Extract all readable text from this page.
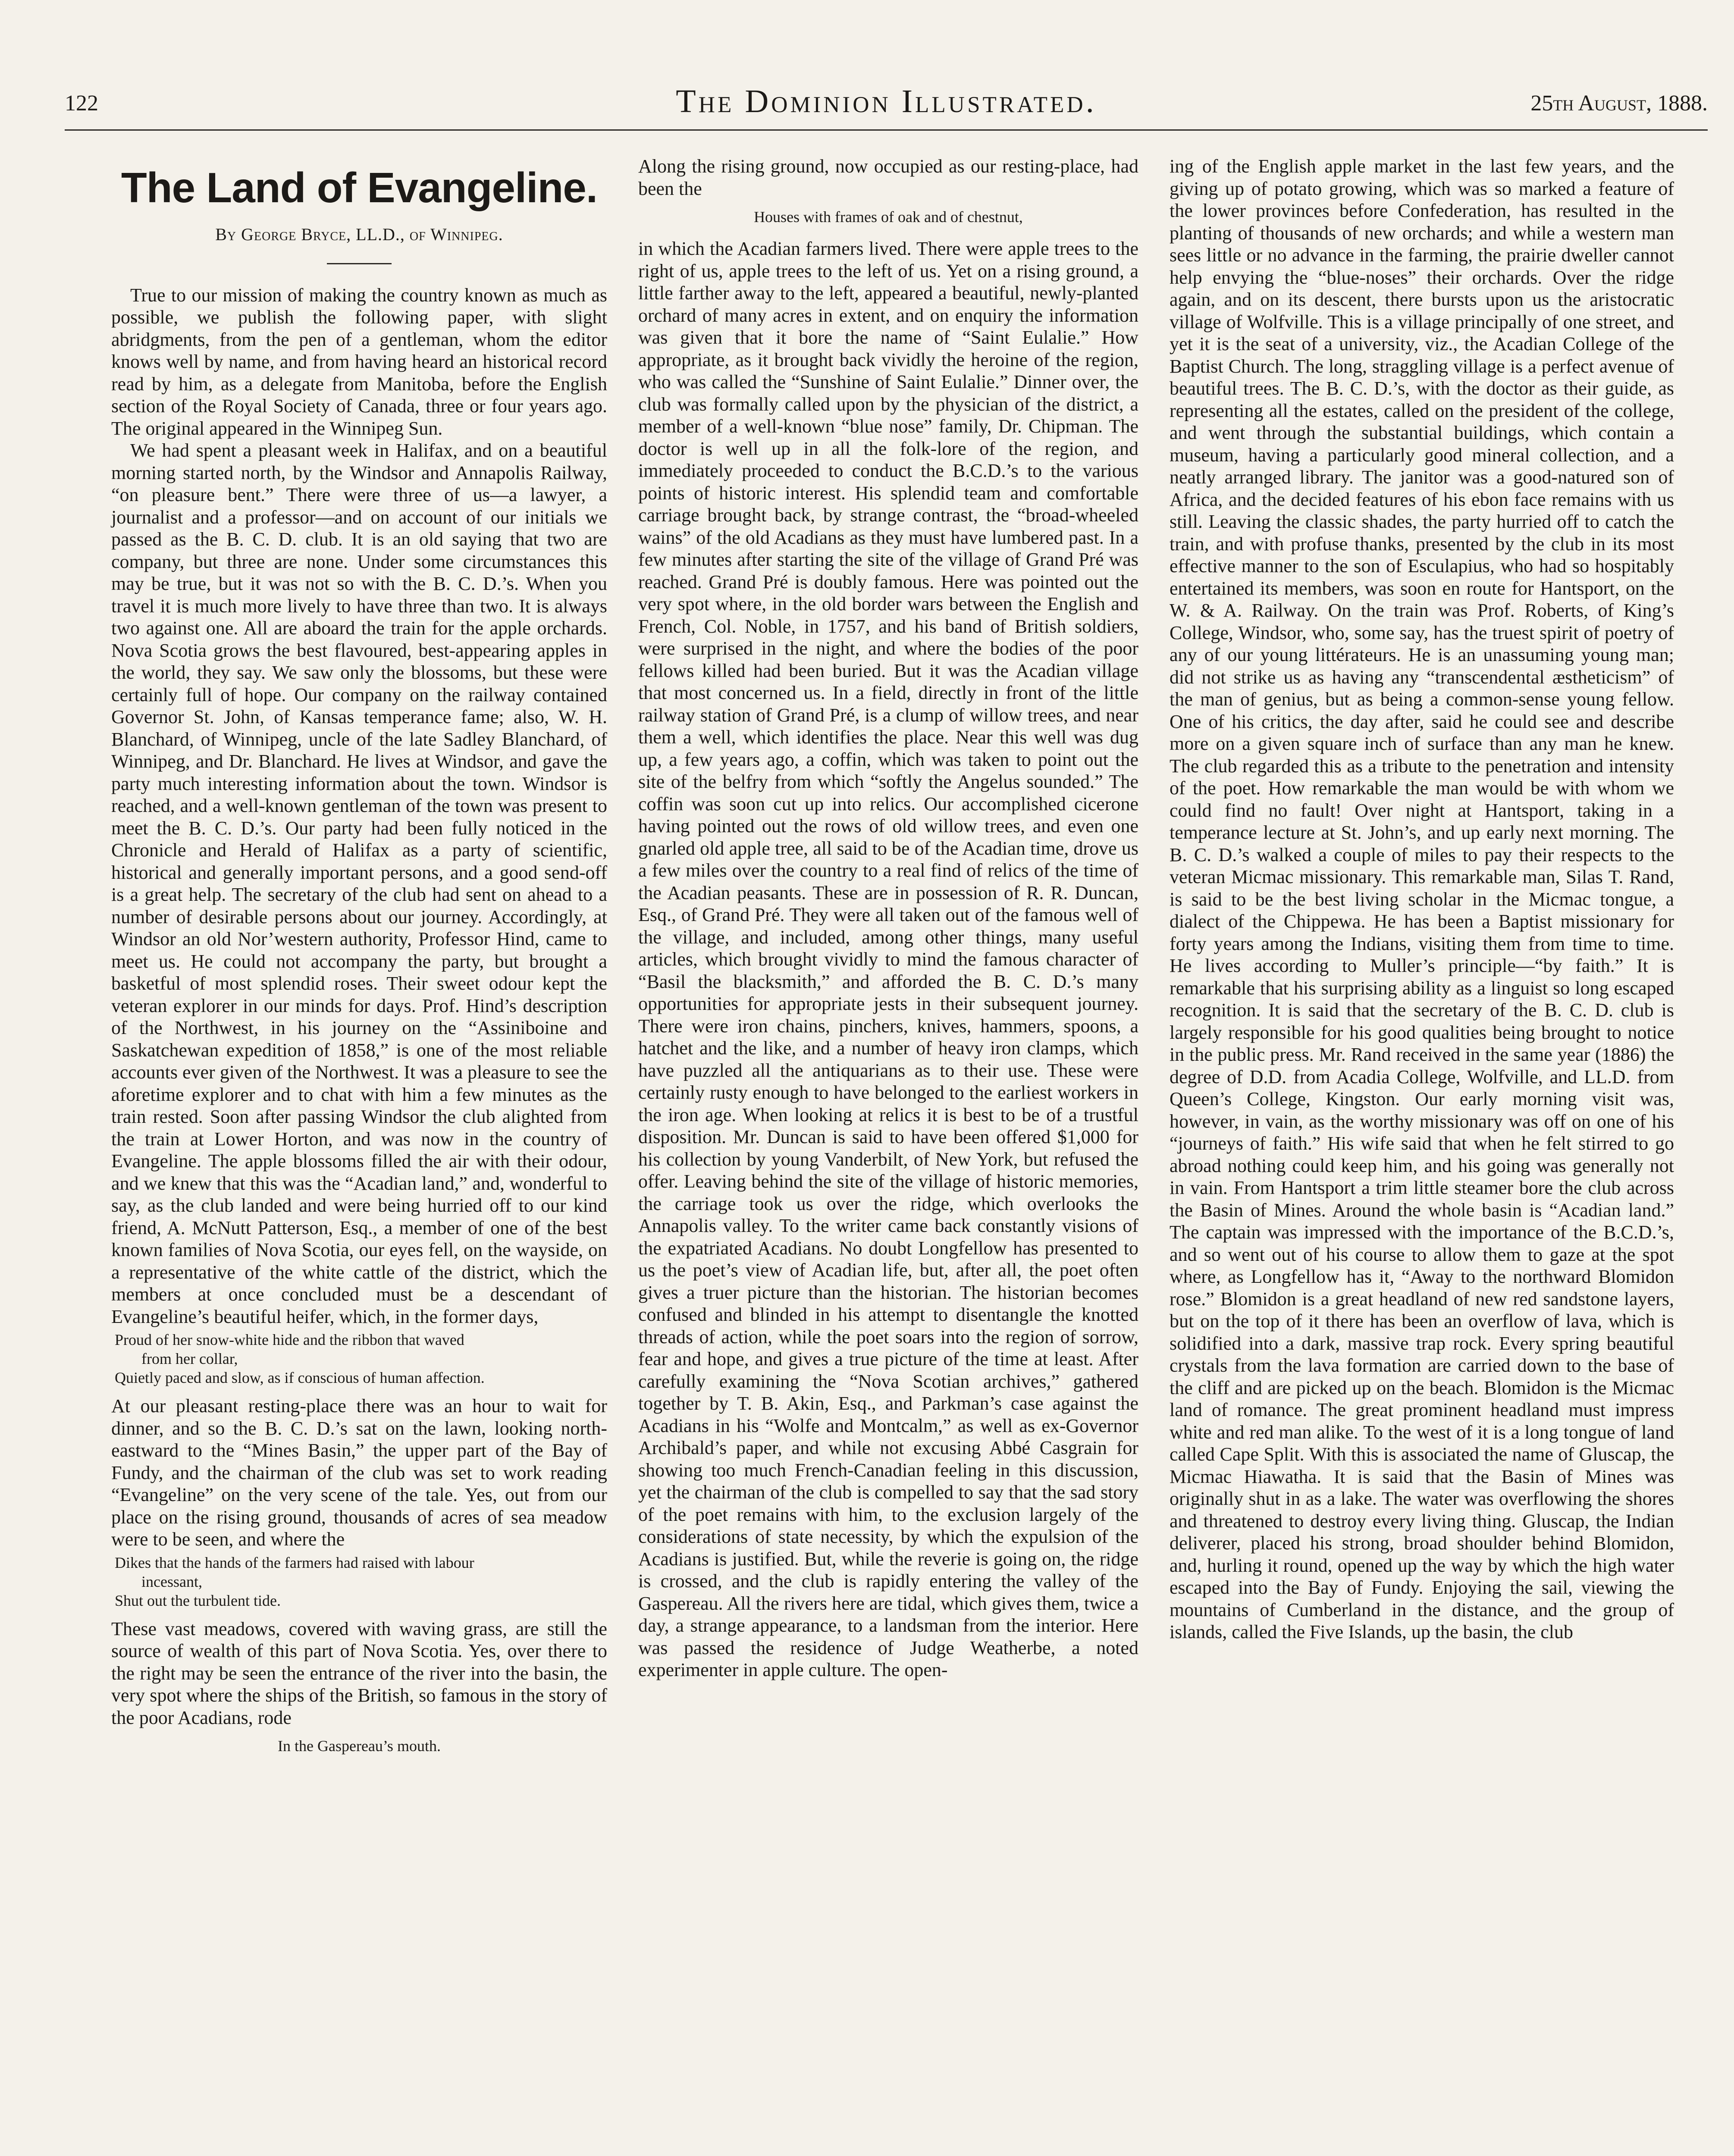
122	The Dominion Illustrated.	25th August, 1888.
The Land of Evangeline.
By George Bryce, LL.D., of Winnipeg.

True to our mission of making the country known as much as possible, we publish the following paper, with slight abridgments, from the pen of a gentleman, whom the editor knows well by name, and from having heard an historical record read by him, as a delegate from Manitoba, before the English section of the Royal Society of Canada, three or four years ago. The original appeared in the Winnipeg Sun.

We had spent a pleasant week in Halifax, and on a beautiful morning started north, by the Windsor and Annapolis Railway, “on pleasure bent.” There were three of us—a lawyer, a journalist and a professor—and on account of our initials we passed as the B. C. D. club. It is an old saying that two are company, but three are none. Under some circumstances this may be true, but it was not so with the B. C. D.’s. When you travel it is much more lively to have three than two. It is always two against one. All are aboard the train for the apple orchards. Nova Scotia grows the best flavoured, best-appearing apples in the world, they say. We saw only the blossoms, but these were certainly full of hope. Our company on the railway contained Governor St. John, of Kansas temperance fame; also, W. H. Blanchard, of Winnipeg, uncle of the late Sadley Blanchard, of Winnipeg, and Dr. Blanchard. He lives at Windsor, and gave the party much interesting information about the town. Windsor is reached, and a well-known gentleman of the town was present to meet the B. C. D.’s. Our party had been fully noticed in the Chronicle and Herald of Halifax as a party of scientific, historical and generally important persons, and a good send-off is a great help. The secretary of the club had sent on ahead to a number of desirable persons about our journey. Accordingly, at Windsor an old Nor’western authority, Professor Hind, came to meet us. He could not accompany the party, but brought a basketful of most splendid roses. Their sweet odour kept the veteran explorer in our minds for days. Prof. Hind’s description of the Northwest, in his journey on the “Assiniboine and Saskatchewan expedition of 1858,” is one of the most reliable accounts ever given of the Northwest. It was a pleasure to see the aforetime explorer and to chat with him a few minutes as the train rested. Soon after passing Windsor the club alighted from the train at Lower Horton, and was now in the country of Evangeline. The apple blossoms filled the air with their odour, and we knew that this was the “Acadian land,” and, wonderful to say, as the club landed and were being hurried off to our kind friend, A. McNutt Patterson, Esq., a member of one of the best known families of Nova Scotia, our eyes fell, on the wayside, on a representative of the white cattle of the district, which the members at once concluded must be a descendant of Evangeline’s beautiful heifer, which, in the former days,

Proud of her snow-white hide and the ribbon that waved
from her collar,
Quietly paced and slow, as if conscious of human affection.

At our pleasant resting-place there was an hour to wait for dinner, and so the B. C. D.’s sat on the lawn, looking north-eastward to the “Mines Basin,” the upper part of the Bay of Fundy, and the chairman of the club was set to work reading “Evangeline” on the very scene of the tale. Yes, out from our place on the rising ground, thousands of acres of sea meadow were to be seen, and where the

Dikes that the hands of the farmers had raised with labour
incessant,
Shut out the turbulent tide.

These vast meadows, covered with waving grass, are still the source of wealth of this part of Nova Scotia. Yes, over there to the right may be seen the entrance of the river into the basin, the very spot where the ships of the British, so famous in the story of the poor Acadians, rode

In the Gaspereau’s mouth.

Along the rising ground, now occupied as our resting-place, had been the

Houses with frames of oak and of chestnut,

in which the Acadian farmers lived. There were apple trees to the right of us, apple trees to the left of us. Yet on a rising ground, a little farther away to the left, appeared a beautiful, newly-planted orchard of many acres in extent, and on enquiry the information was given that it bore the name of “Saint Eulalie.” How appropriate, as it brought back vividly the heroine of the region, who was called the “Sunshine of Saint Eulalie.” Dinner over, the club was formally called upon by the physician of the district, a member of a well-known “blue nose” family, Dr. Chipman. The doctor is well up in all the folk-lore of the region, and immediately proceeded to conduct the B.C.D.’s to the various points of historic interest. His splendid team and comfortable carriage brought back, by strange contrast, the “broad-wheeled wains” of the old Acadians as they must have lumbered past. In a few minutes after starting the site of the village of Grand Pré was reached. Grand Pré is doubly famous. Here was pointed out the very spot where, in the old border wars between the English and French, Col. Noble, in 1757, and his band of British soldiers, were surprised in the night, and where the bodies of the poor fellows killed had been buried. But it was the Acadian village that most concerned us. In a field, directly in front of the little railway station of Grand Pré, is a clump of willow trees, and near them a well, which identifies the place. Near this well was dug up, a few years ago, a coffin, which was taken to point out the site of the belfry from which “softly the Angelus sounded.” The coffin was soon cut up into relics. Our accomplished cicerone having pointed out the rows of old willow trees, and even one gnarled old apple tree, all said to be of the Acadian time, drove us a few miles over the country to a real find of relics of the time of the Acadian peasants. These are in possession of R. R. Duncan, Esq., of Grand Pré. They were all taken out of the famous well of the village, and included, among other things, many useful articles, which brought vividly to mind the famous character of “Basil the blacksmith,” and afforded the B. C. D.’s many opportunities for appropriate jests in their subsequent journey. There were iron chains, pinchers, knives, hammers, spoons, a hatchet and the like, and a number of heavy iron clamps, which have puzzled all the antiquarians as to their use. These were certainly rusty enough to have belonged to the earliest workers in the iron age. When looking at relics it is best to be of a trustful disposition. Mr. Duncan is said to have been offered $1,000 for his collection by young Vanderbilt, of New York, but refused the offer. Leaving behind the site of the village of historic memories, the carriage took us over the ridge, which overlooks the Annapolis valley. To the writer came back constantly visions of the expatriated Acadians. No doubt Longfellow has presented to us the poet’s view of Acadian life, but, after all, the poet often gives a truer picture than the historian. The historian becomes confused and blinded in his attempt to disentangle the knotted threads of action, while the poet soars into the region of sorrow, fear and hope, and gives a true picture of the time at least. After carefully examining the “Nova Scotian archives,” gathered together by T. B. Akin, Esq., and Parkman’s case against the Acadians in his “Wolfe and Montcalm,” as well as ex-Governor Archibald’s paper, and while not excusing Abbé Casgrain for showing too much French-Canadian feeling in this discussion, yet the chairman of the club is compelled to say that the sad story of the poet remains with him, to the exclusion largely of the considerations of state necessity, by which the expulsion of the Acadians is justified. But, while the reverie is going on, the ridge is crossed, and the club is rapidly entering the valley of the Gaspereau. All the rivers here are tidal, which gives them, twice a day, a strange appearance, to a landsman from the interior. Here was passed the residence of Judge Weatherbe, a noted experimenter in apple culture. The open-

ing of the English apple market in the last few years, and the giving up of potato growing, which was so marked a feature of the lower provinces before Confederation, has resulted in the planting of thousands of new orchards; and while a western man sees little or no advance in the farming, the prairie dweller cannot help envying the “blue-noses” their orchards. Over the ridge again, and on its descent, there bursts upon us the aristocratic village of Wolfville. This is a village principally of one street, and yet it is the seat of a university, viz., the Acadian College of the Baptist Church. The long, straggling village is a perfect avenue of beautiful trees. The B. C. D.’s, with the doctor as their guide, as representing all the estates, called on the president of the college, and went through the substantial buildings, which contain a museum, having a particularly good mineral collection, and a neatly arranged library. The janitor was a good-natured son of Africa, and the decided features of his ebon face remains with us still. Leaving the classic shades, the party hurried off to catch the train, and with profuse thanks, presented by the club in its most effective manner to the son of Esculapius, who had so hospitably entertained its members, was soon en route for Hantsport, on the W. & A. Railway. On the train was Prof. Roberts, of King’s College, Windsor, who, some say, has the truest spirit of poetry of any of our young littérateurs. He is an unassuming young man; did not strike us as having any “transcendental æstheticism” of the man of genius, but as being a common-sense young fellow. One of his critics, the day after, said he could see and describe more on a given square inch of surface than any man he knew. The club regarded this as a tribute to the penetration and intensity of the poet. How remarkable the man would be with whom we could find no fault! Over night at Hantsport, taking in a temperance lecture at St. John’s, and up early next morning. The B. C. D.’s walked a couple of miles to pay their respects to the veteran Micmac missionary. This remarkable man, Silas T. Rand, is said to be the best living scholar in the Micmac tongue, a dialect of the Chippewa. He has been a Baptist missionary for forty years among the Indians, visiting them from time to time. He lives according to Muller’s principle—“by faith.” It is remarkable that his surprising ability as a linguist so long escaped recognition. It is said that the secretary of the B. C. D. club is largely responsible for his good qualities being brought to notice in the public press. Mr. Rand received in the same year (1886) the degree of D.D. from Acadia College, Wolfville, and LL.D. from Queen’s College, Kingston. Our early morning visit was, however, in vain, as the worthy missionary was off on one of his “journeys of faith.” His wife said that when he felt stirred to go abroad nothing could keep him, and his going was generally not in vain. From Hantsport a trim little steamer bore the club across the Basin of Mines. Around the whole basin is “Acadian land.” The captain was impressed with the importance of the B.C.D.’s, and so went out of his course to allow them to gaze at the spot where, as Longfellow has it, “Away to the northward Blomidon rose.” Blomidon is a great headland of new red sandstone layers, but on the top of it there has been an overflow of lava, which is solidified into a dark, massive trap rock. Every spring beautiful crystals from the lava formation are carried down to the base of the cliff and are picked up on the beach. Blomidon is the Micmac land of romance. The great prominent headland must impress white and red man alike. To the west of it is a long tongue of land called Cape Split. With this is associated the name of Gluscap, the Micmac Hiawatha. It is said that the Basin of Mines was originally shut in as a lake. The water was overflowing the shores and threatened to destroy every living thing. Gluscap, the Indian deliverer, placed his strong, broad shoulder behind Blomidon, and, hurling it round, opened up the way by which the high water escaped into the Bay of Fundy. Enjoying the sail, viewing the mountains of Cumberland in the distance, and the group of islands, called the Five Islands, up the basin, the club
